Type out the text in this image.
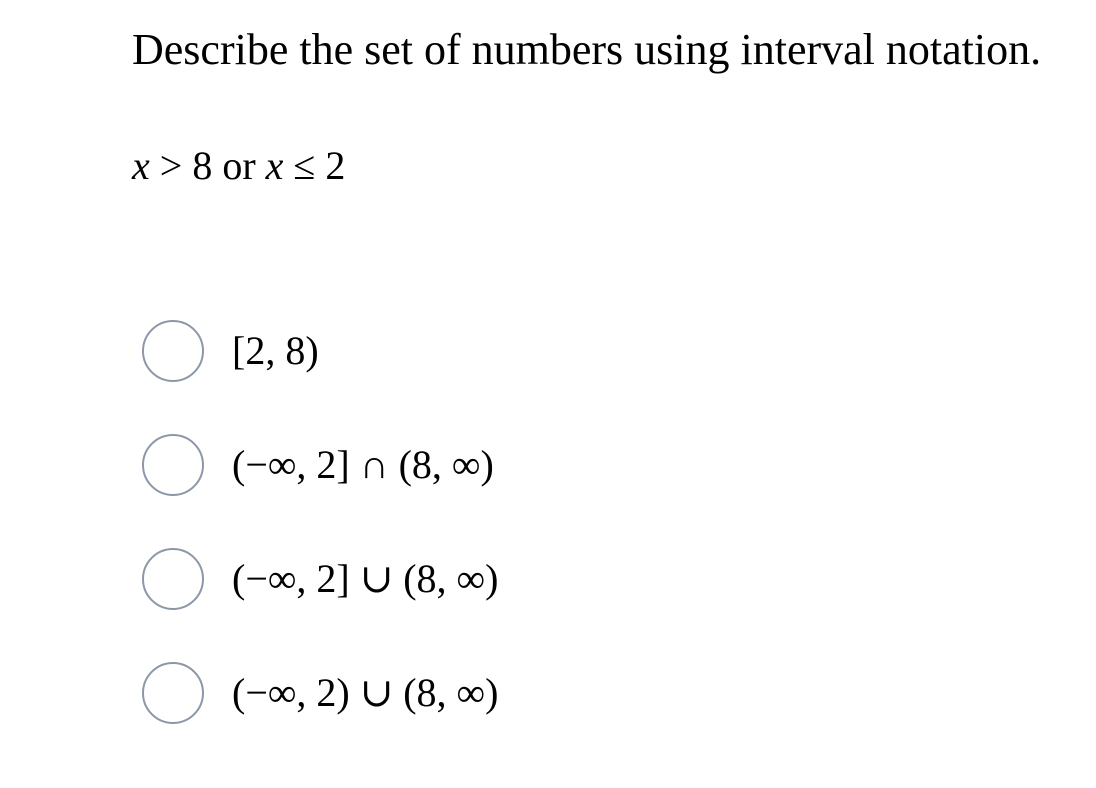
Describe the set of numbers using interval notation.
x > 8 or x ≤ 2
[2, 8)
(−∞, 2] ∩ (8, ∞)
(−∞, 2] ∪ (8, ∞)
(−∞, 2) ∪ (8, ∞)
